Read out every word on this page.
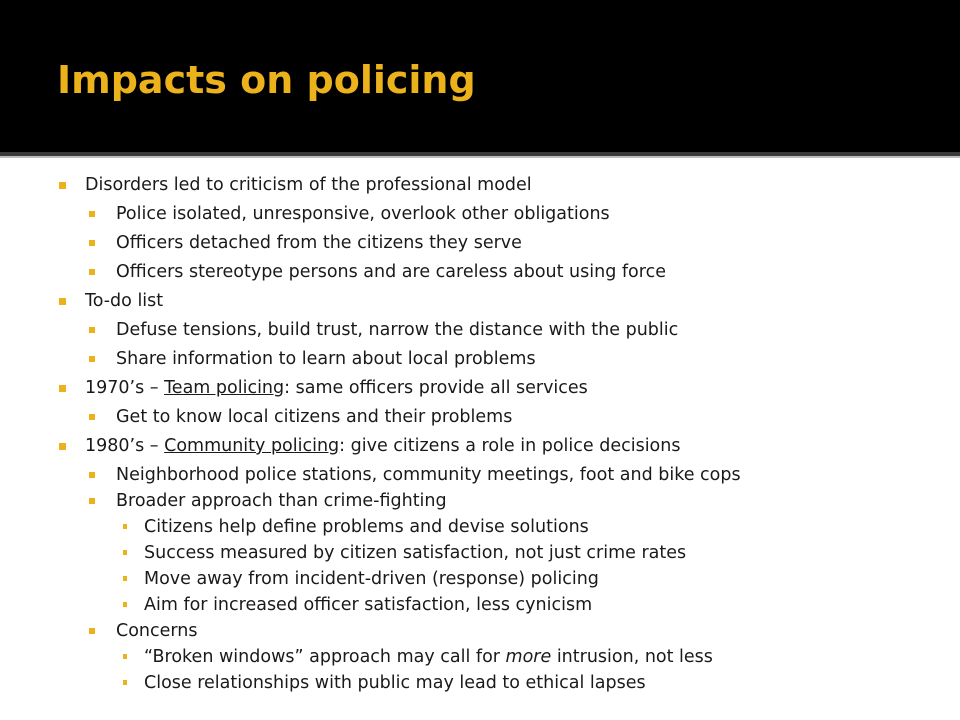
Impacts on policing
Disorders led to criticism of the professional model
Police isolated, unresponsive, overlook other obligations
Officers detached from the citizens they serve
Officers stereotype persons and are careless about using force
To-do list
Defuse tensions, build trust, narrow the distance with the public
Share information to learn about local problems
1970’s – Team policing: same officers provide all services
Get to know local citizens and their problems
1980’s – Community policing: give citizens a role in police decisions
Neighborhood police stations, community meetings, foot and bike cops
Broader approach than crime-fighting
Citizens help define problems and devise solutions
Success measured by citizen satisfaction, not just crime rates
Move away from incident-driven (response) policing
Aim for increased officer satisfaction, less cynicism
Concerns
“Broken windows” approach may call for more intrusion, not less
Close relationships with public may lead to ethical lapses
